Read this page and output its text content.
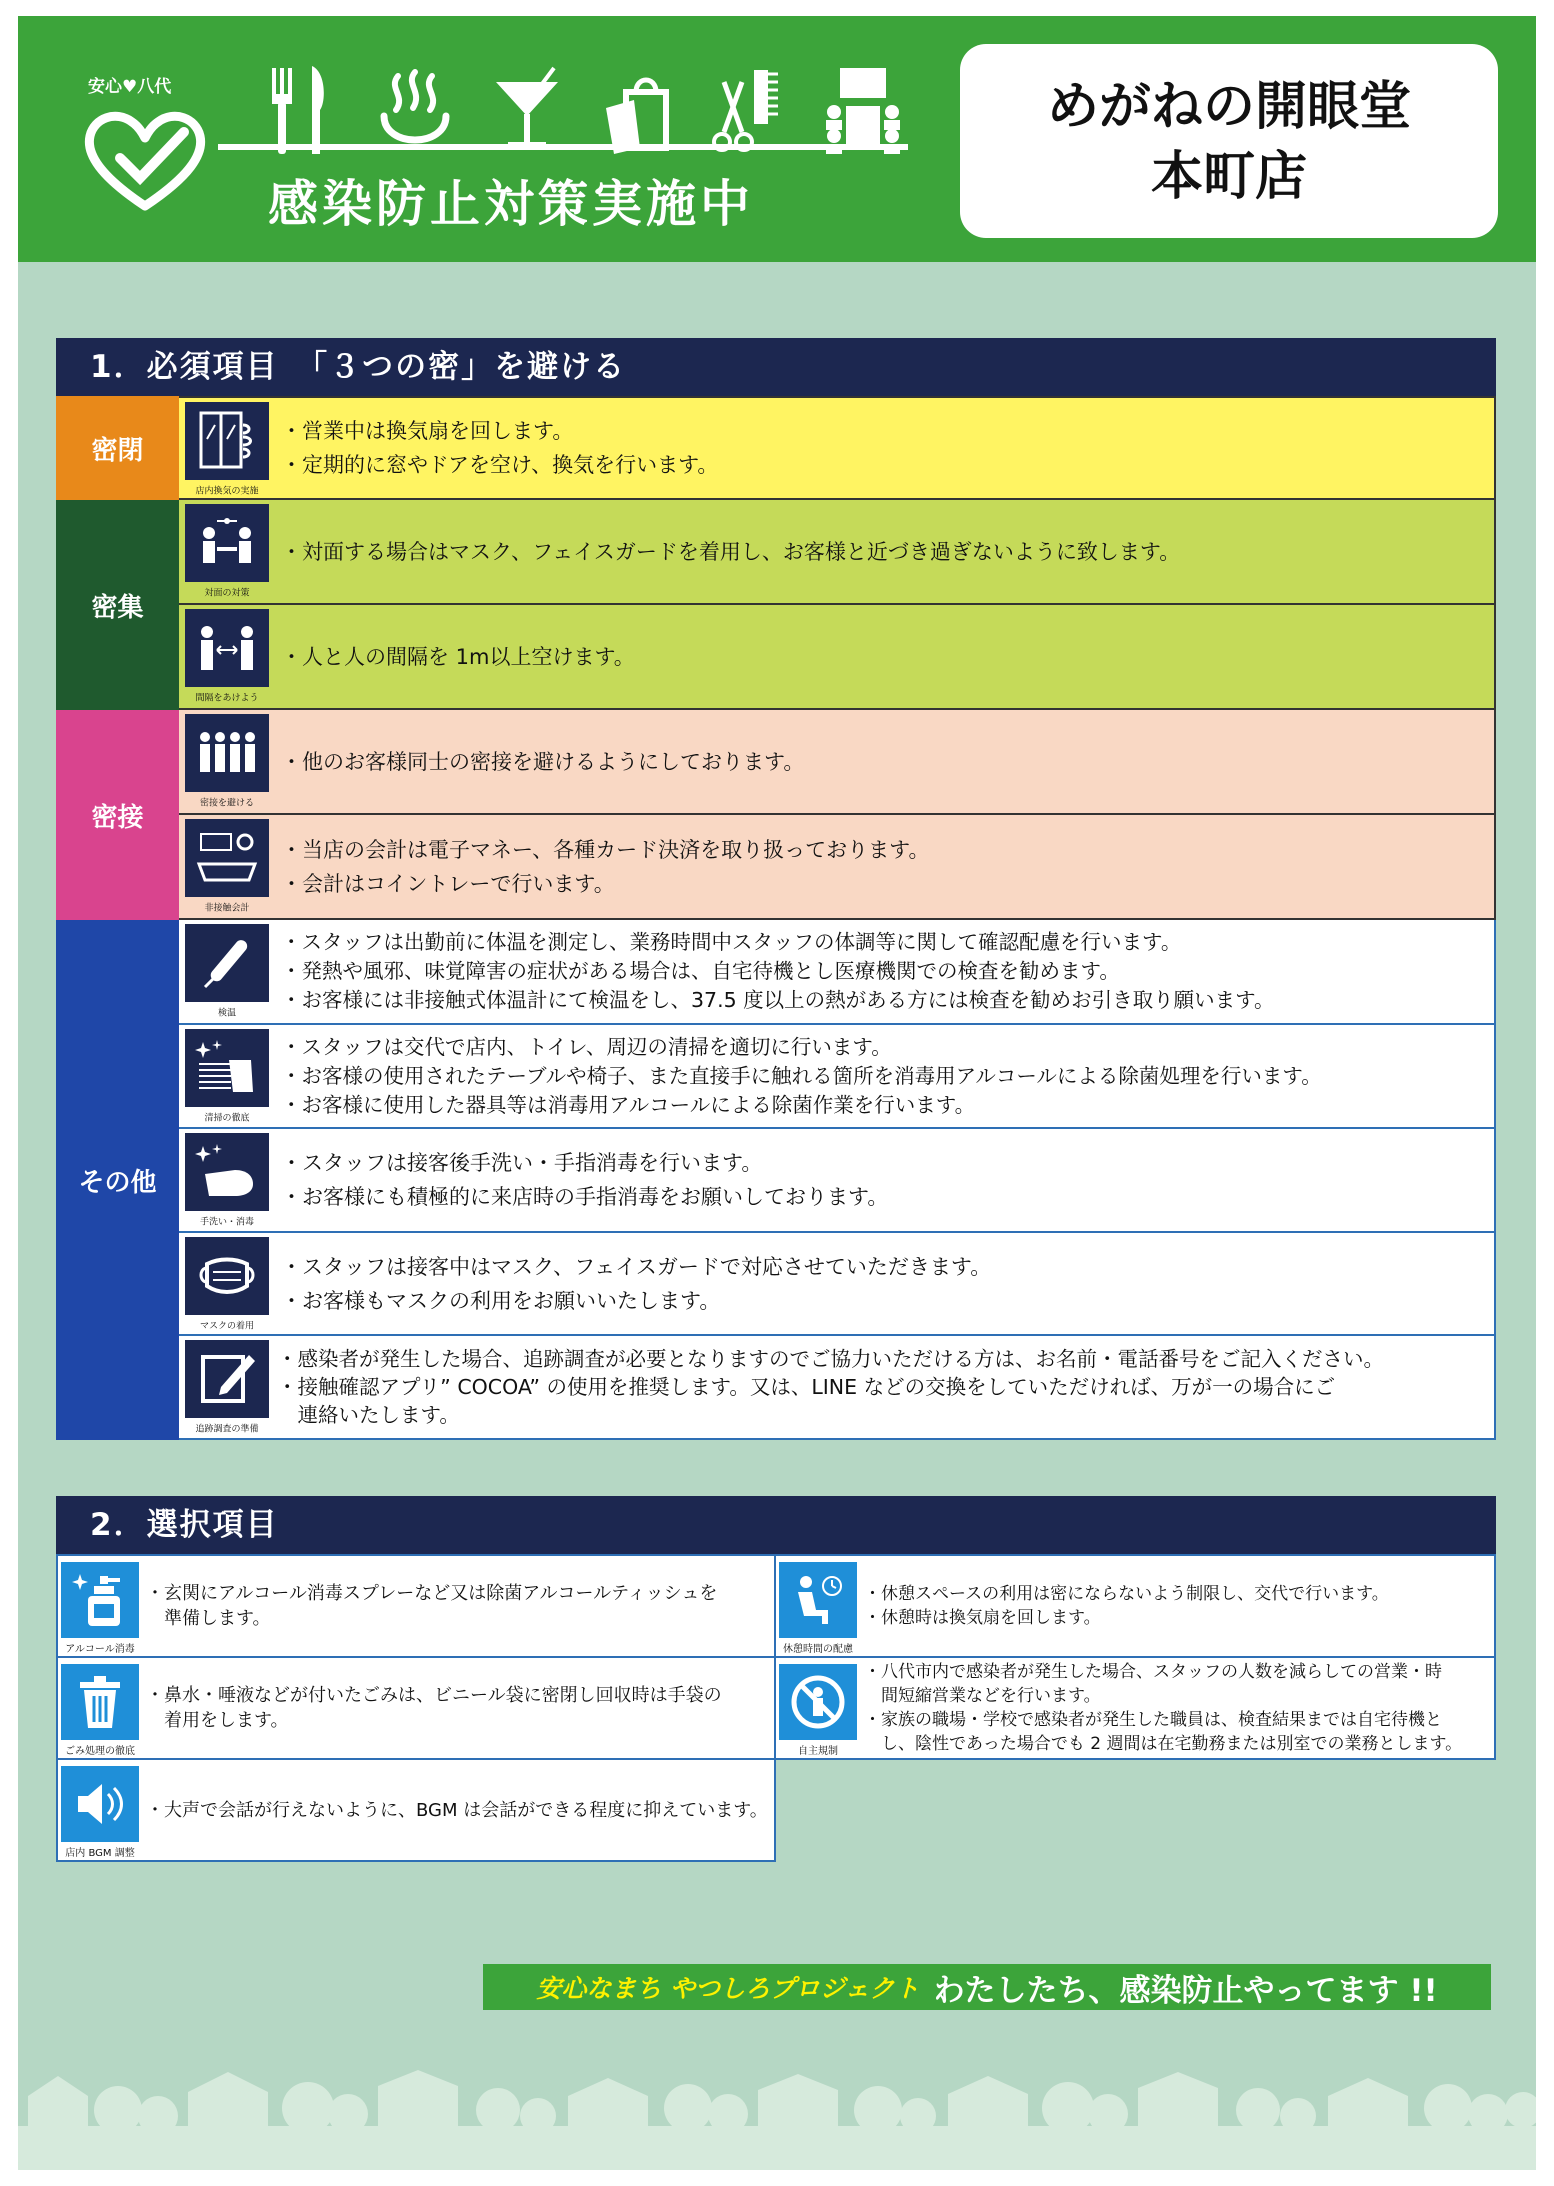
安心♥八代
感染防止対策実施中
めがねの開眼堂
本町店
1．必須項目　「３つの密」を避ける
密閉
密集
密接
その他
店内換気の実施
・営業中は換気扇を回します。
・定期的に窓やドアを空け、換気を行います。
対面の対策
・対面する場合はマスク、フェイスガードを着用し、お客様と近づき過ぎないように致します。
間隔をあけよう
・人と人の間隔を 1m以上空けます。
密接を避ける
・他のお客様同士の密接を避けるようにしております。
非接触会計
・当店の会計は電子マネー、各種カード決済を取り扱っております。
・会計はコイントレーで行います。
検温
・スタッフは出勤前に体温を測定し、業務時間中スタッフの体調等に関して確認配慮を行います。
・発熱や風邪、味覚障害の症状がある場合は、自宅待機とし医療機関での検査を勧めます。
・お客様には非接触式体温計にて検温をし、37.5 度以上の熱がある方には検査を勧めお引き取り願います。
清掃の徹底
・スタッフは交代で店内、トイレ、周辺の清掃を適切に行います。
・お客様の使用されたテーブルや椅子、また直接手に触れる箇所を消毒用アルコールによる除菌処理を行います。
・お客様に使用した器具等は消毒用アルコールによる除菌作業を行います。
手洗い・消毒
・スタッフは接客後手洗い・手指消毒を行います。
・お客様にも積極的に来店時の手指消毒をお願いしております。
マスクの着用
・スタッフは接客中はマスク、フェイスガードで対応させていただきます。
・お客様もマスクの利用をお願いいたします。
追跡調査の準備
・感染者が発生した場合、追跡調査が必要となりますのでご協力いただける方は、お名前・電話番号をご記入ください。
・接触確認アプリ” COCOA” の使用を推奨します。又は、LINE などの交換をしていただければ、万が一の場合にご
　連絡いたします。
2．選択項目
アルコール消毒
・玄関にアルコール消毒スプレーなど又は除菌アルコールティッシュを
　準備します。
休憩時間の配慮
・休憩スペースの利用は密にならないよう制限し、交代で行います。
・休憩時は換気扇を回します。
ごみ処理の徹底
・鼻水・唾液などが付いたごみは、ビニール袋に密閉し回収時は手袋の
　着用をします。
自主規制
・八代市内で感染者が発生した場合、スタッフの人数を減らしての営業・時
　間短縮営業などを行います。
・家族の職場・学校で感染者が発生した職員は、検査結果までは自宅待機と
　し、陰性であった場合でも 2 週間は在宅勤務または別室での業務とします。
店内 BGM 調整
・大声で会話が行えないように、BGM は会話ができる程度に抑えています。
安心なまち やつしろプロジェクト わたしたち、感染防止やってます !!
